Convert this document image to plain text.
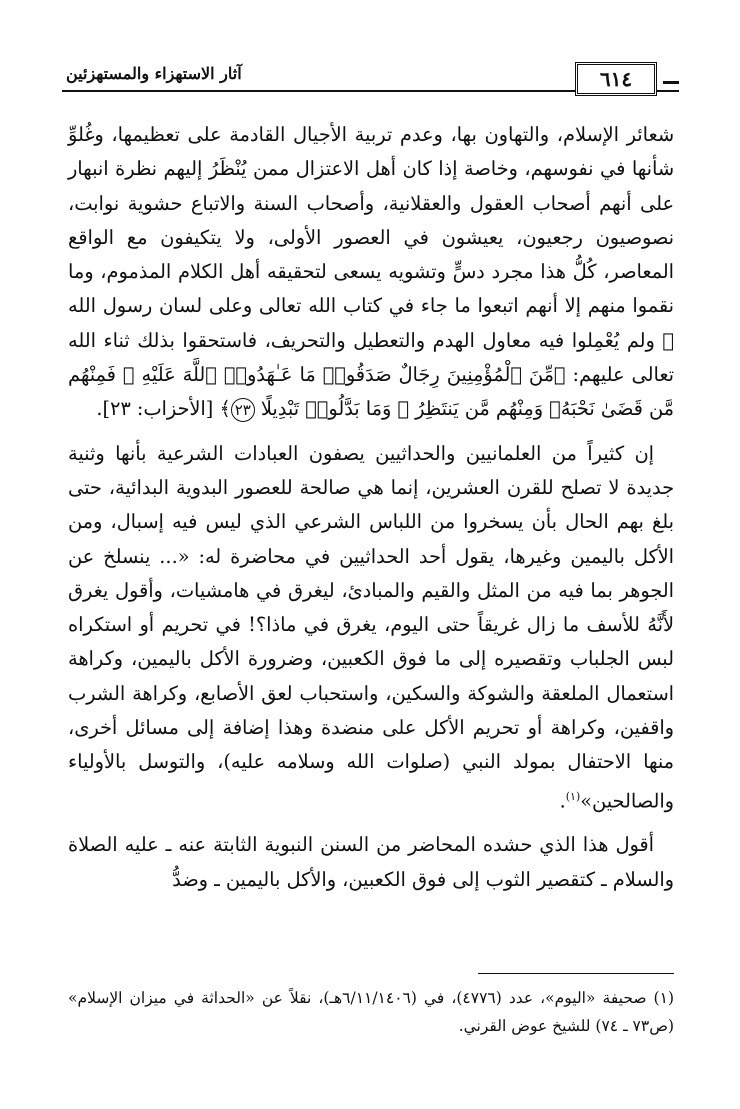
٦١٤
آثار الاستهزاء والمستهزئين

شعائر الإسلام، والتهاون بها، وعدم تربية الأجيال القادمة على تعظيمها، وغُلوِّ شأنها في نفوسهم، وخاصة إذا كان أهل الاعتزال ممن يُنْظَرُ إليهم نظرة انبهار على أنهم أصحاب العقول والعقلانية، وأصحاب السنة والاتباع حشوية نوابت، نصوصيون رجعيون، يعيشون في العصور الأولى، ولا يتكيفون مع الواقع المعاصر، كُلُّ هذا مجرد دسٍّ وتشويه يسعى لتحقيقه أهل الكلام المذموم، وما نقموا منهم إلا أنهم اتبعوا ما جاء في كتاب الله تعالى وعلى لسان رسول الله ﷺ ولم يُعْمِلوا فيه معاول الهدم والتعطيل والتحريف، فاستحقوا بذلك ثناء الله تعالى عليهم: ﴿مِّنَ ٱلْمُؤْمِنِينَ رِجَالٌ صَدَقُوا۟ مَا عَـٰهَدُوا۟ ٱللَّهَ عَلَيْهِ ۖ فَمِنْهُم مَّن قَضَىٰ نَحْبَهُۥ وَمِنْهُم مَّن يَنتَظِرُ ۖ وَمَا بَدَّلُوا۟ تَبْدِيلًا ٢٣﴾ [الأحزاب: ٢٣].

إن كثيراً من العلمانيين والحداثيين يصفون العبادات الشرعية بأنها وثنية جديدة لا تصلح للقرن العشرين، إنما هي صالحة للعصور البدوية البدائية، حتى بلغ بهم الحال بأن يسخروا من اللباس الشرعي الذي ليس فيه إسبال، ومن الأكل باليمين وغيرها، يقول أحد الحداثيين في محاضرة له: «... ينسلخ عن الجوهر بما فيه من المثل والقيم والمبادئ، ليغرق في هامشيات، وأقول يغرق لأَنَّهُ للأسف ما زال غريقاً حتى اليوم، يغرق في ماذا؟! في تحريم أو استكراه لبس الجلباب وتقصيره إلى ما فوق الكعبين، وضرورة الأكل باليمين، وكراهة استعمال الملعقة والشوكة والسكين، واستحباب لعق الأصابع، وكراهة الشرب واقفين، وكراهة أو تحريم الأكل على منضدة وهذا إضافة إلى مسائل أخرى، منها الاحتفال بمولد النبي (صلوات الله وسلامه عليه)، والتوسل بالأولياء والصالحين»$^{(١)}$.

أقول هذا الذي حشده المحاضر من السنن النبوية الثابتة عنه ـ عليه الصلاة والسلام ـ كتقصير الثوب إلى فوق الكعبين، والأكل باليمين ـ وضدُّ

(١) صحيفة «اليوم»، عدد (٤٧٧٦)، في (٦/١١/١٤٠٦هـ)، نقلاً عن «الحداثة في ميزان الإسلام» (ص٧٣ ـ ٧٤) للشيخ عوض القرني.
